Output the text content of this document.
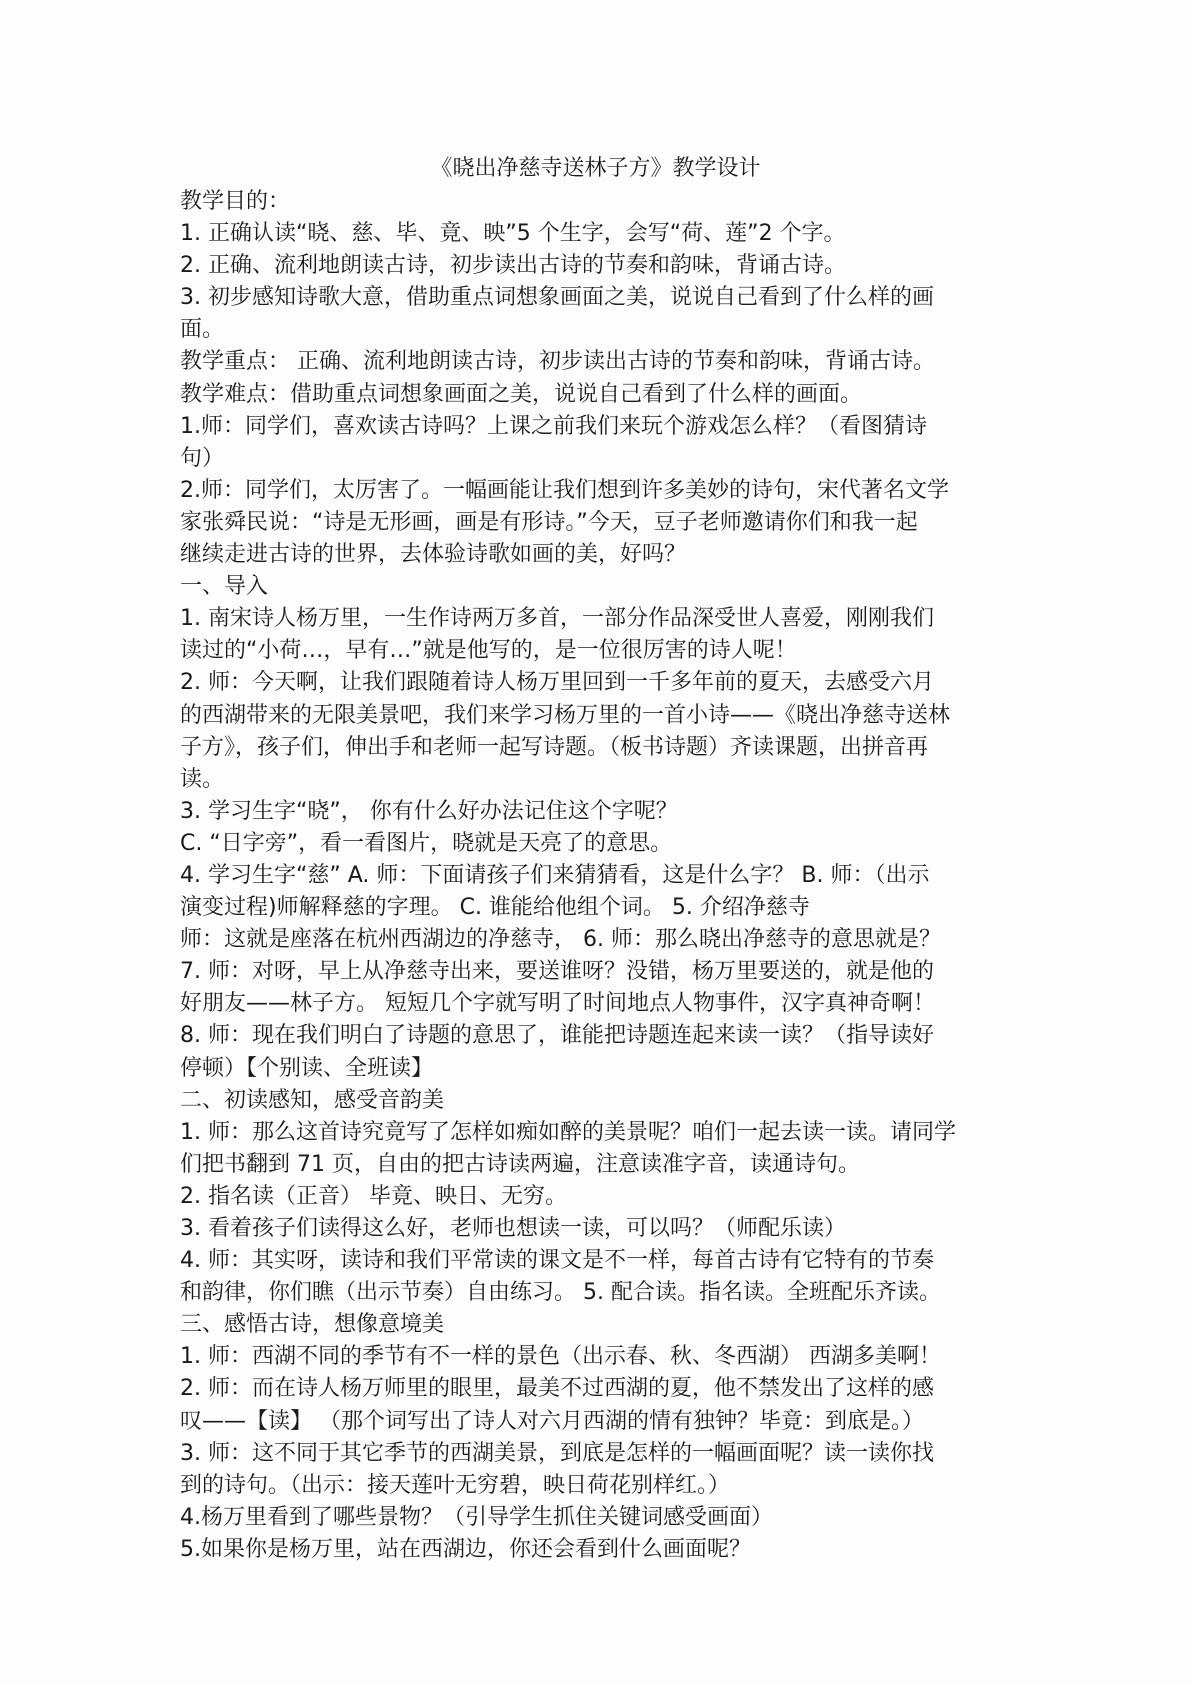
《晓出净慈寺送林子方》教学设计
教学目的：
1. 正确认读“晓、慈、毕、竟、映”5 个生字，会写“荷、莲”2 个字。
2. 正确、流利地朗读古诗，初步读出古诗的节奏和韵味，背诵古诗。
3. 初步感知诗歌大意，借助重点词想象画面之美，说说自己看到了什么样的画
面。
教学重点： 正确、流利地朗读古诗，初步读出古诗的节奏和韵味，背诵古诗。
教学难点：借助重点词想象画面之美，说说自己看到了什么样的画面。
1.师：同学们，喜欢读古诗吗？上课之前我们来玩个游戏怎么样？（看图猜诗
句）
2.师：同学们，太厉害了。一幅画能让我们想到许多美妙的诗句，宋代著名文学
家张舜民说：“诗是无形画，画是有形诗。”今天，豆子老师邀请你们和我一起
继续走进古诗的世界，去体验诗歌如画的美，好吗？
一、导入
1. 南宋诗人杨万里，一生作诗两万多首，一部分作品深受世人喜爱，刚刚我们
读过的“小荷…，早有…”就是他写的，是一位很厉害的诗人呢！
2. 师：今天啊，让我们跟随着诗人杨万里回到一千多年前的夏天，去感受六月
的西湖带来的无限美景吧，我们来学习杨万里的一首小诗——《晓出净慈寺送林
子方》，孩子们，伸出手和老师一起写诗题。（板书诗题）齐读课题，出拼音再
读。
3. 学习生字“晓”， 你有什么好办法记住这个字呢？
C. “日字旁”，看一看图片，晓就是天亮了的意思。
4. 学习生字“慈” A. 师：下面请孩子们来猜猜看，这是什么字？ B. 师：（出示
演变过程)师解释慈的字理。 C. 谁能给他组个词。 5. 介绍净慈寺
师：这就是座落在杭州西湖边的净慈寺， 6. 师：那么晓出净慈寺的意思就是？
7. 师：对呀，早上从净慈寺出来，要送谁呀？没错，杨万里要送的，就是他的
好朋友——林子方。 短短几个字就写明了时间地点人物事件，汉字真神奇啊！
8. 师：现在我们明白了诗题的意思了，谁能把诗题连起来读一读？（指导读好
停顿）【个别读、全班读】
二、初读感知，感受音韵美
1. 师：那么这首诗究竟写了怎样如痴如醉的美景呢？咱们一起去读一读。请同学
们把书翻到 71 页，自由的把古诗读两遍，注意读准字音，读通诗句。
2. 指名读（正音） 毕竟、映日、无穷。
3. 看着孩子们读得这么好，老师也想读一读，可以吗？（师配乐读）
4. 师：其实呀，读诗和我们平常读的课文是不一样，每首古诗有它特有的节奏
和韵律，你们瞧（出示节奏）自由练习。 5. 配合读。指名读。全班配乐齐读。
三、感悟古诗，想像意境美
1. 师：西湖不同的季节有不一样的景色（出示春、秋、冬西湖） 西湖多美啊！
2. 师：而在诗人杨万师里的眼里，最美不过西湖的夏，他不禁发出了这样的感
叹——【读】 （那个词写出了诗人对六月西湖的情有独钟？毕竟：到底是。）
3. 师：这不同于其它季节的西湖美景，到底是怎样的一幅画面呢？读一读你找
到的诗句。（出示：接天莲叶无穷碧，映日荷花别样红。）
4.杨万里看到了哪些景物？（引导学生抓住关键词感受画面）
5.如果你是杨万里，站在西湖边，你还会看到什么画面呢？
